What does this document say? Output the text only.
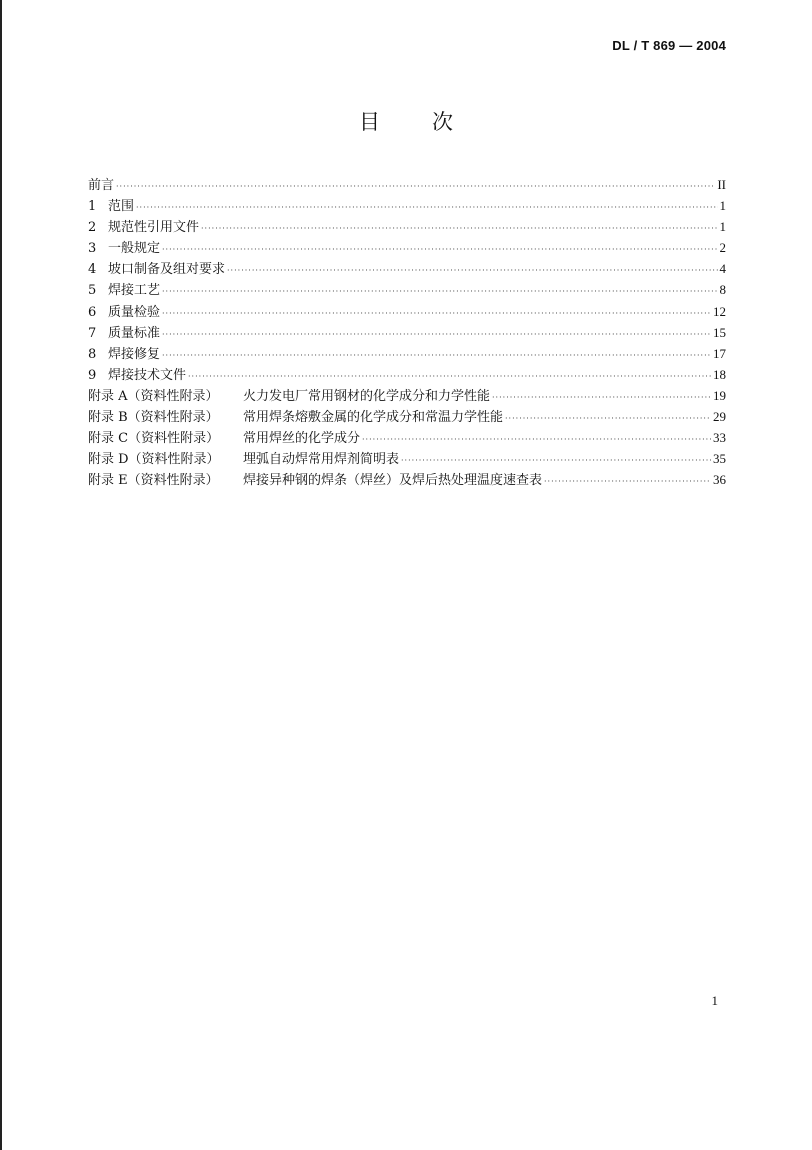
DL / T 869 — 2004
目 次
前言 ·····	II
1 范围 ·····	1
2 规范性引用文件 ·····	1
3 一般规定 ·····	2
4 坡口制备及组对要求 ·····	4
5 焊接工艺 ·····	8
6 质量检验 ·····	12
7 质量标准 ·····	15
8 焊接修复 ·····	17
9 焊接技术文件 ·····	18
附录 A（资料性附录） 火力发电厂常用钢材的化学成分和力学性能 ·····	19
附录 B（资料性附录） 常用焊条熔敷金属的化学成分和常温力学性能 ·····	29
附录 C（资料性附录） 常用焊丝的化学成分 ·····	33
附录 D（资料性附录） 埋弧自动焊常用焊剂简明表 ·····	35
附录 E（资料性附录） 焊接异种钢的焊条（焊丝）及焊后热处理温度速查表 ·····	36
1
